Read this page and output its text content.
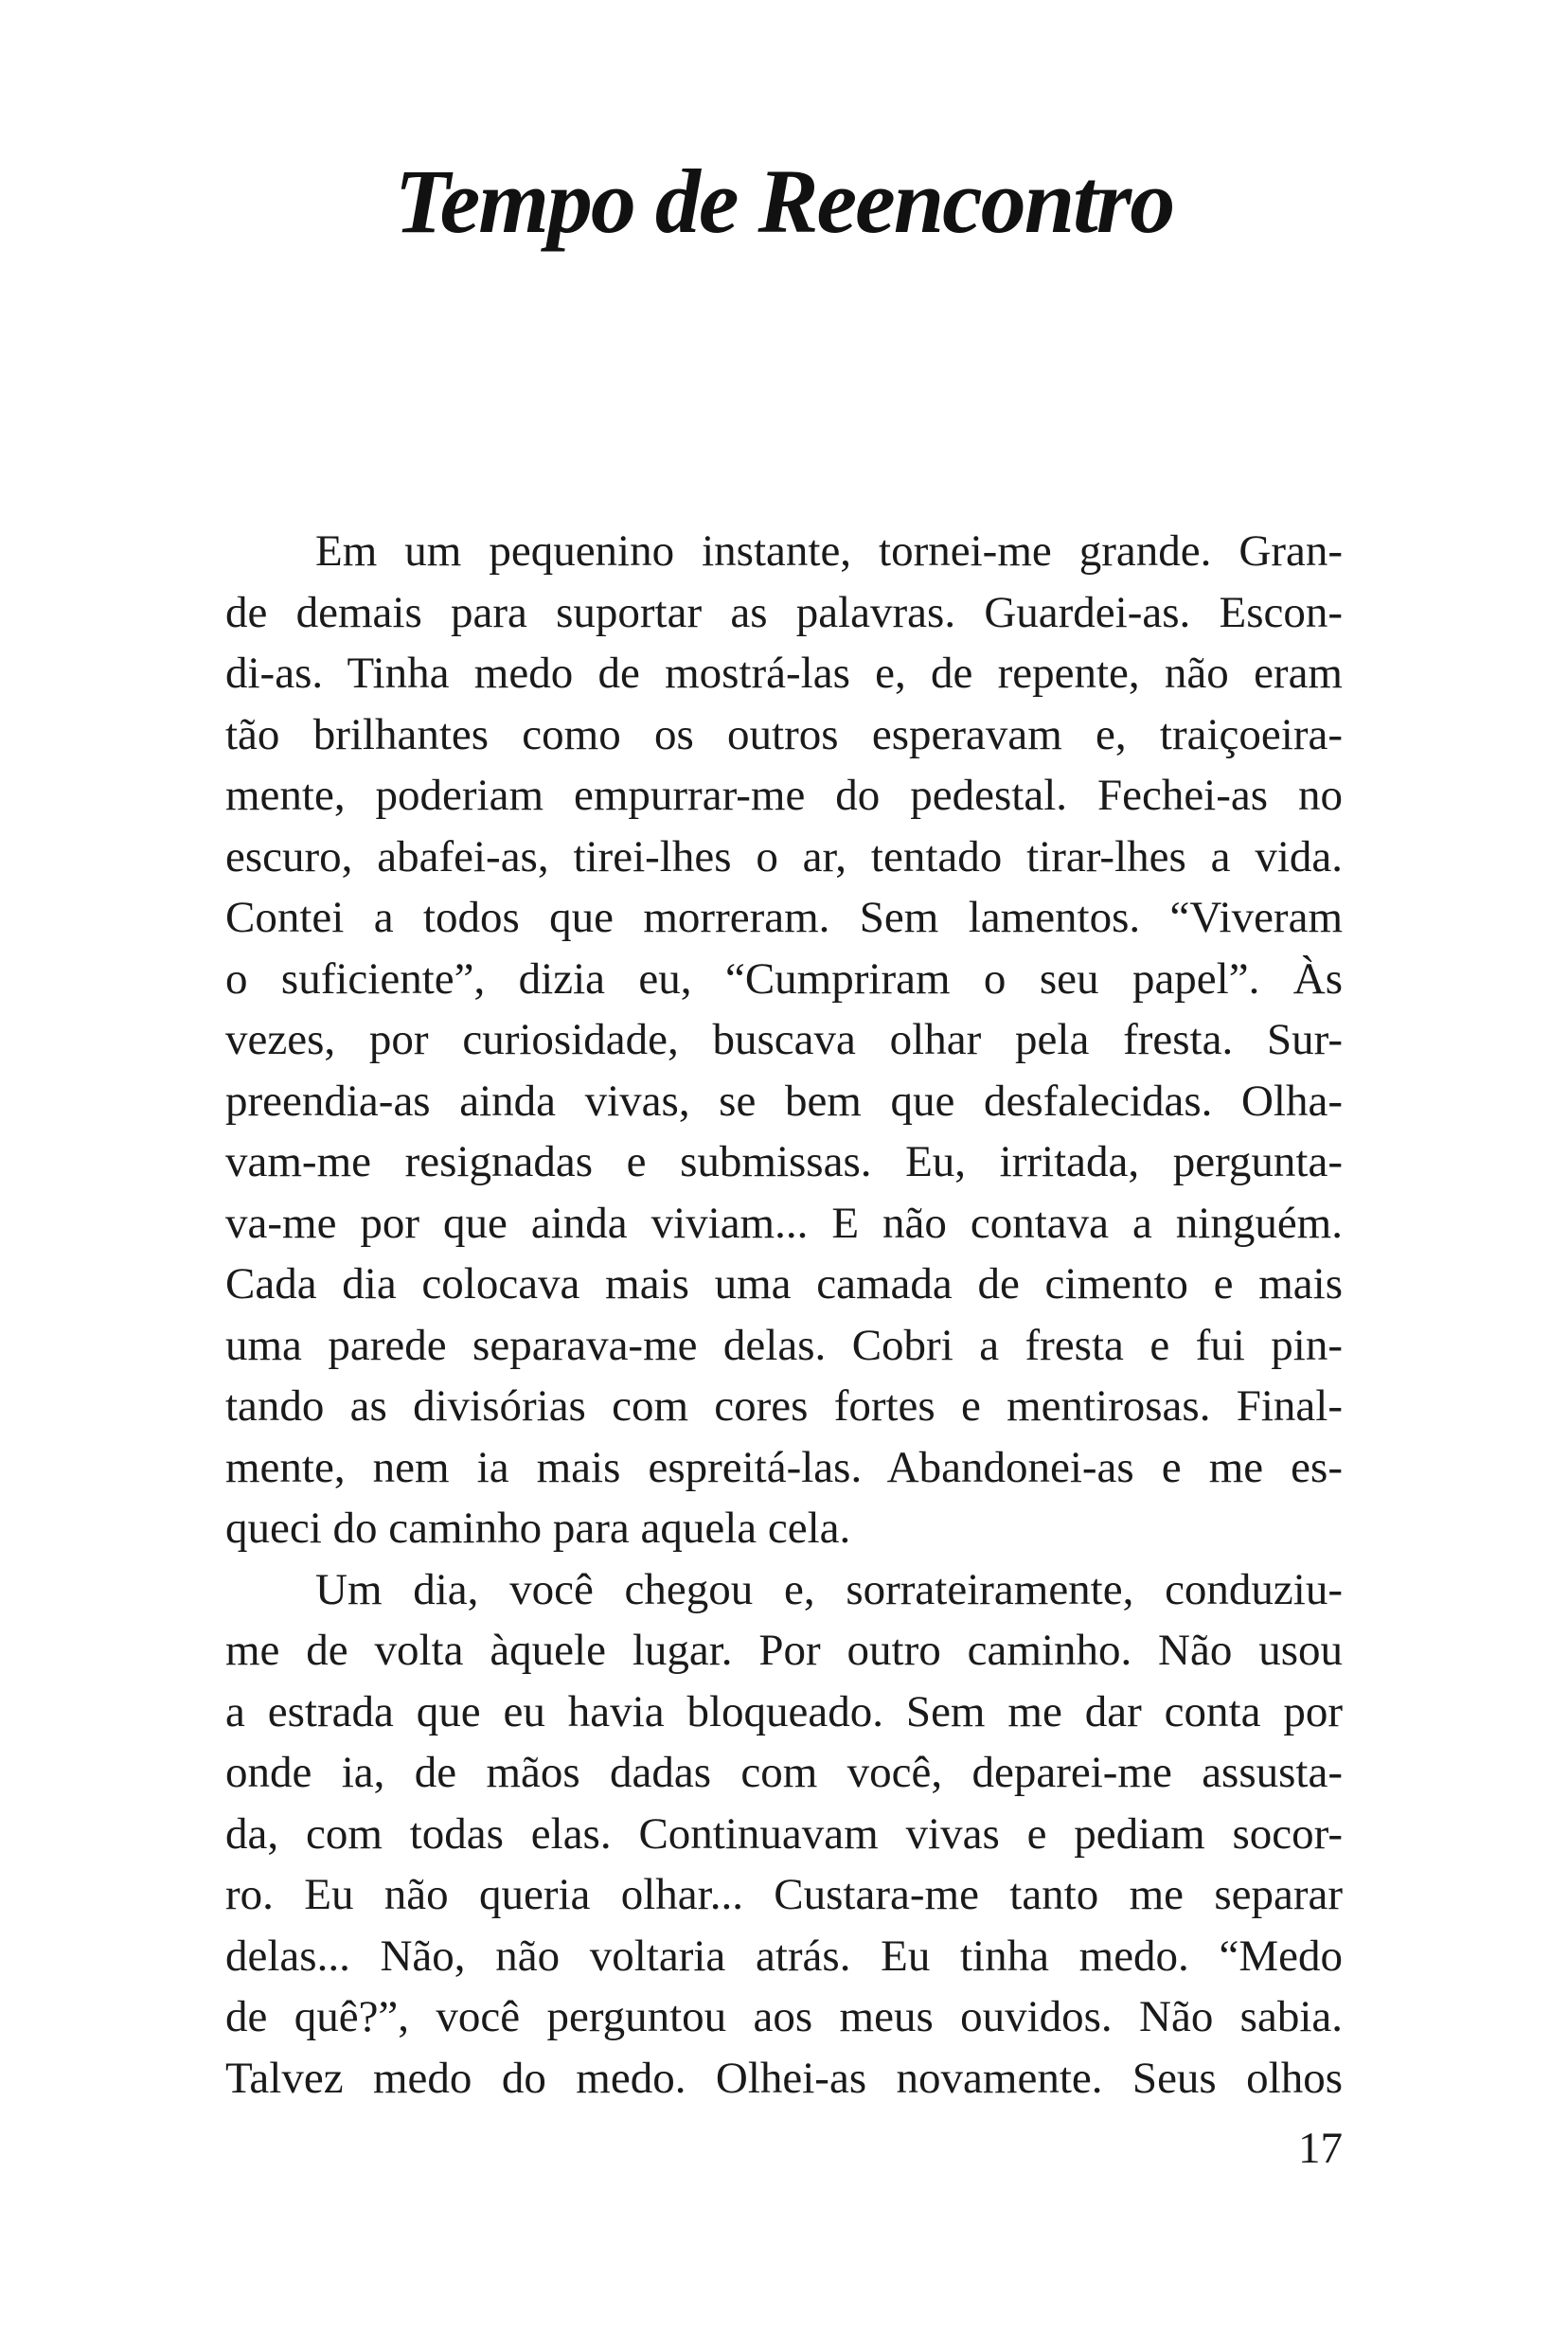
Tempo de Reencontro
Em um pequenino instante, tornei-me grande. Gran-
de demais para suportar as palavras. Guardei-as. Escon-
di-as. Tinha medo de mostrá-las e, de repente, não eram
tão brilhantes como os outros esperavam e, traiçoeira-
mente, poderiam empurrar-me do pedestal. Fechei-as no
escuro, abafei-as, tirei-lhes o ar, tentado tirar-lhes a vida.
Contei a todos que morreram. Sem lamentos. “Viveram
o suficiente”, dizia eu, “Cumpriram o seu papel”. Às
vezes, por curiosidade, buscava olhar pela fresta. Sur-
preendia-as ainda vivas, se bem que desfalecidas. Olha-
vam-me resignadas e submissas. Eu, irritada, pergunta-
va-me por que ainda viviam... E não contava a ninguém.
Cada dia colocava mais uma camada de cimento e mais
uma parede separava-me delas. Cobri a fresta e fui pin-
tando as divisórias com cores fortes e mentirosas. Final-
mente, nem ia mais espreitá-las. Abandonei-as e me es-
queci do caminho para aquela cela.
Um dia, você chegou e, sorrateiramente, conduziu-
me de volta àquele lugar. Por outro caminho. Não usou
a estrada que eu havia bloqueado. Sem me dar conta por
onde ia, de mãos dadas com você, deparei-me assusta-
da, com todas elas. Continuavam vivas e pediam socor-
ro. Eu não queria olhar... Custara-me tanto me separar
delas... Não, não voltaria atrás. Eu tinha medo. “Medo
de quê?”, você perguntou aos meus ouvidos. Não sabia.
Talvez medo do medo. Olhei-as novamente. Seus olhos
17
